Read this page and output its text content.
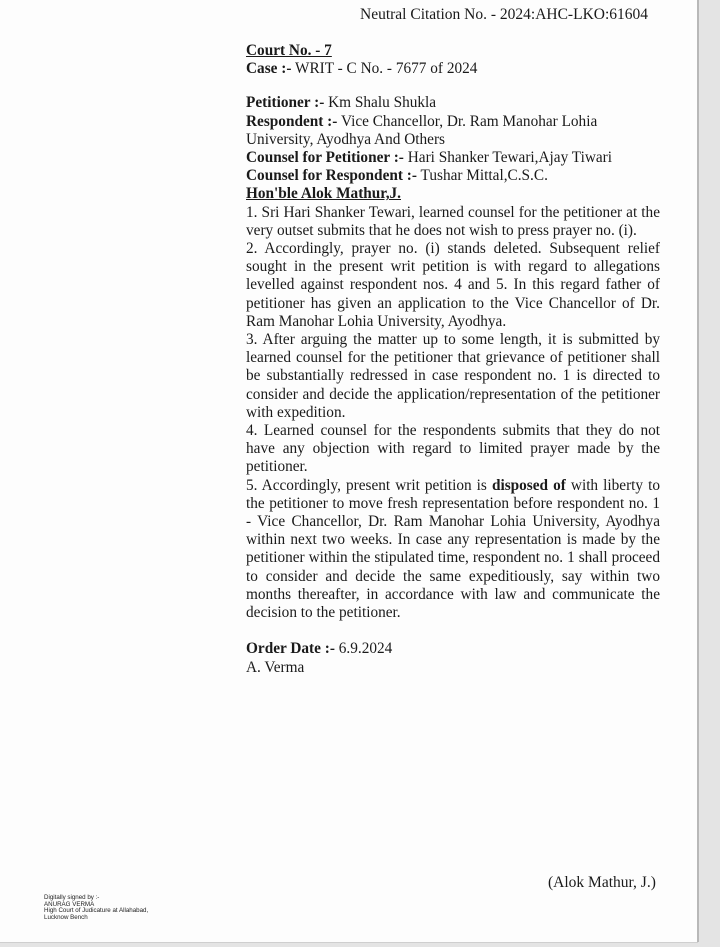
Neutral Citation No. - 2024:AHC-LKO:61604

Court No. - 7

Case :- WRIT - C No. - 7677 of 2024

Petitioner :- Km Shalu Shukla

Respondent :- Vice Chancellor, Dr. Ram Manohar Lohia University, Ayodhya And Others

Counsel for Petitioner :- Hari Shanker Tewari,Ajay Tiwari

Counsel for Respondent :- Tushar Mittal,C.S.C.

Hon'ble Alok Mathur,J.

1. Sri Hari Shanker Tewari, learned counsel for the petitioner at the very outset submits that he does not wish to press prayer no. (i).

2. Accordingly, prayer no. (i) stands deleted. Subsequent relief sought in the present writ petition is with regard to allegations levelled against respondent nos. 4 and 5. In this regard father of petitioner has given an application to the Vice Chancellor of Dr. Ram Manohar Lohia University, Ayodhya.

3. After arguing the matter up to some length, it is submitted by learned counsel for the petitioner that grievance of petitioner shall be substantially redressed in case respondent no. 1 is directed to consider and decide the application/representation of the petitioner with expedition.

4. Learned counsel for the respondents submits that they do not have any objection with regard to limited prayer made by the petitioner.

5. Accordingly, present writ petition is disposed of with liberty to the petitioner to move fresh representation before respondent no. 1 - Vice Chancellor, Dr. Ram Manohar Lohia University, Ayodhya within next two weeks. In case any representation is made by the petitioner within the stipulated time, respondent no. 1 shall proceed to consider and decide the same expeditiously, say within two months thereafter, in accordance with law and communicate the decision to the petitioner.

Order Date :- 6.9.2024

A. Verma

(Alok Mathur, J.)
Digitally signed by :-
ANURAG VERMA
High Court of Judicature at Allahabad,
Lucknow Bench
